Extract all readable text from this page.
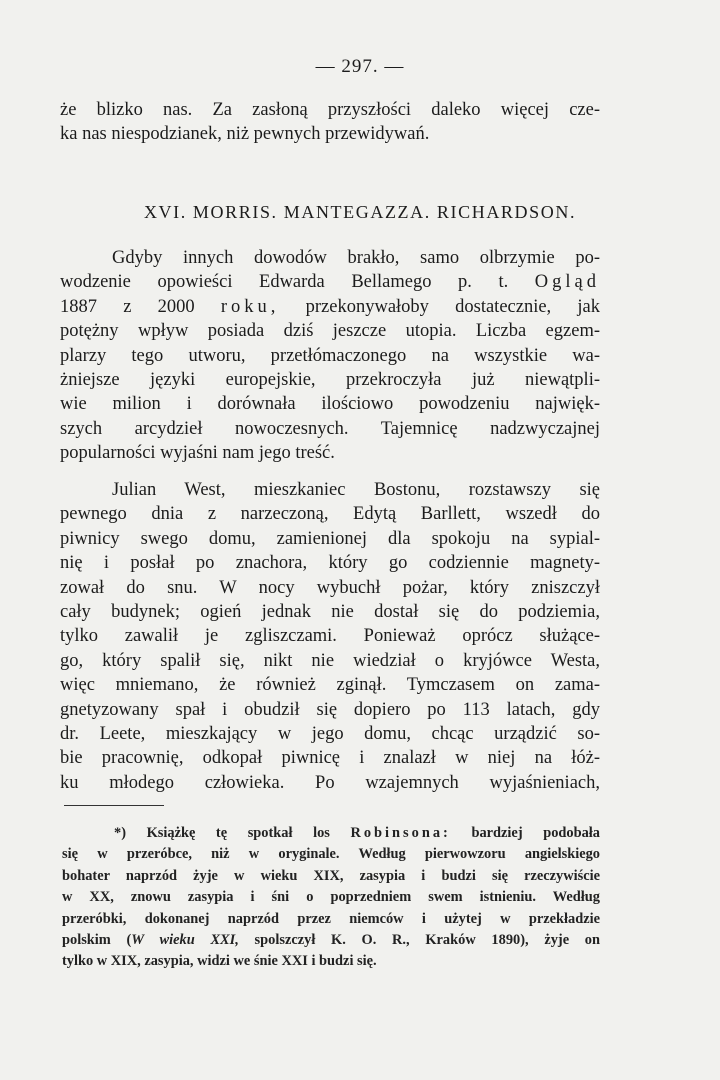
— 297. —
że blizko nas. Za zasłoną przyszłości daleko więcej cze-
ka nas niespodzianek, niż pewnych przewidywań.
XVI. MORRIS. MANTEGAZZA. RICHARDSON.
Gdyby innych dowodów brakło, samo olbrzymie po-
wodzenie opowieści Edwarda Bellamego p. t. Ogląd
1887 z 2000 roku, przekonywałoby dostatecznie, jak
potężny wpływ posiada dziś jeszcze utopia. Liczba egzem-
plarzy tego utworu, przetłómaczonego na wszystkie wa-
żniejsze języki europejskie, przekroczyła już niewątpli-
wie milion i dorównała ilościowo powodzeniu najwięk-
szych arcydzieł nowoczesnych. Tajemnicę nadzwyczajnej
popularności wyjaśni nam jego treść.
Julian West, mieszkaniec Bostonu, rozstawszy się
pewnego dnia z narzeczoną, Edytą Barllett, wszedł do
piwnicy swego domu, zamienionej dla spokoju na sypial-
nię i posłał po znachora, który go codziennie magnety-
zował do snu. W nocy wybuchł pożar, który zniszczył
cały budynek; ogień jednak nie dostał się do podziemia,
tylko zawalił je zgliszczami. Ponieważ oprócz służące-
go, który spalił się, nikt nie wiedział o kryjówce Westa,
więc mniemano, że również zginął. Tymczasem on zama-
gnetyzowany spał i obudził się dopiero po 113 latach, gdy
dr. Leete, mieszkający w jego domu, chcąc urządzić so-
bie pracownię, odkopał piwnicę i znalazł w niej na łóż-
ku młodego człowieka. Po wzajemnych wyjaśnieniach,
*) Książkę tę spotkał los Robinsona: bardziej podobała
się w przeróbce, niż w oryginale. Według pierwowzoru angielskiego
bohater naprzód żyje w wieku XIX, zasypia i budzi się rzeczywiście
w XX, znowu zasypia i śni o poprzedniem swem istnieniu. Według
przeróbki, dokonanej naprzód przez niemców i użytej w przekładzie
polskim (W wieku XXI, spolszczył K. O. R., Kraków 1890), żyje on
tylko w XIX, zasypia, widzi we śnie XXI i budzi się.
